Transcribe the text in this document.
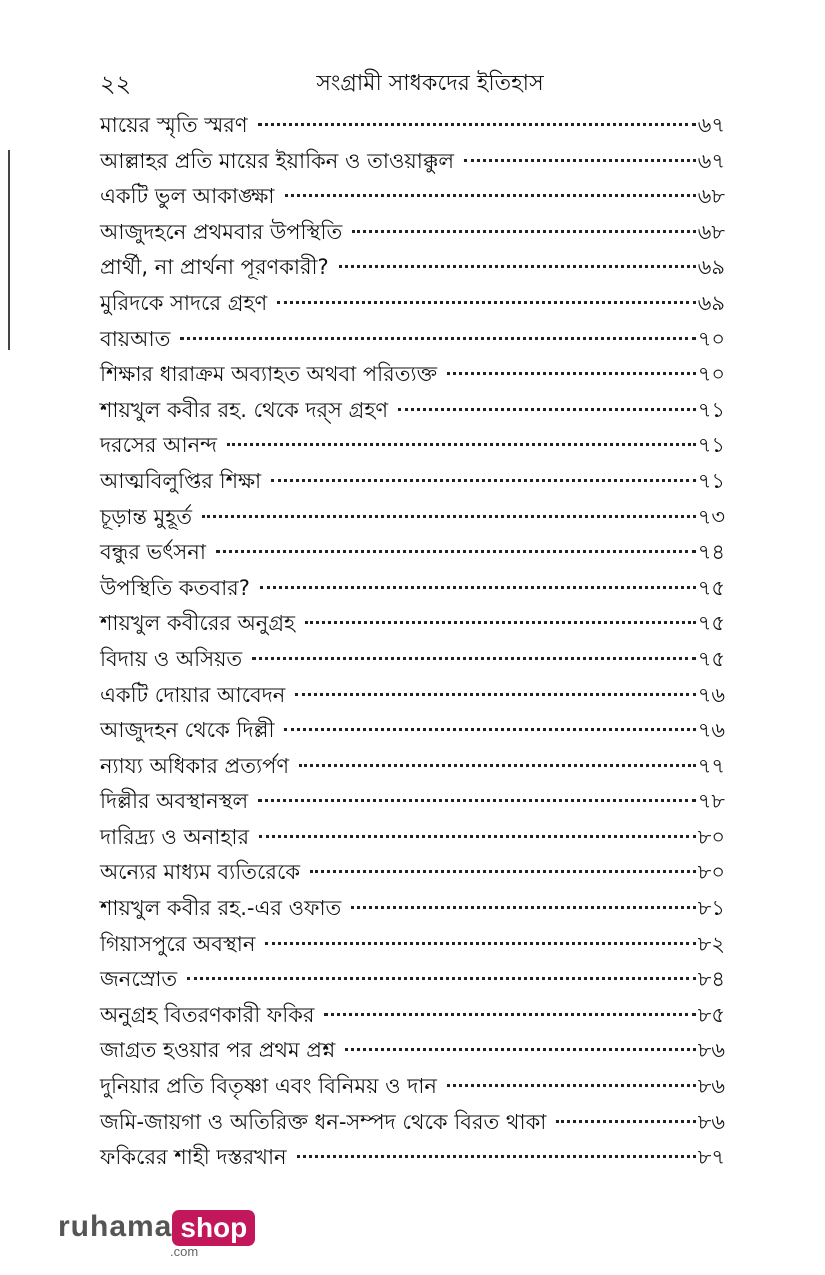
২২	সংগ্রামী সাধকদের ইতিহাস
মায়ের স্মৃতি স্মরণ	৬৭
আল্লাহর প্রতি মায়ের ইয়াকিন ও তাওয়াক্কুল	৬৭
একটি ভুল আকাঙ্ক্ষা	৬৮
আজুদহনে প্রথমবার উপস্থিতি	৬৮
প্রার্থী, না প্রার্থনা পূরণকারী?	৬৯
মুরিদকে সাদরে গ্রহণ	৬৯
বায়আত	৭০
শিক্ষার ধারাক্রম অব্যাহত অথবা পরিত্যক্ত	৭০
শায়খুল কবীর রহ. থেকে দর্‌স গ্রহণ	৭১
দরসের আনন্দ	৭১
আত্মবিলুপ্তির শিক্ষা	৭১
চূড়ান্ত মুহূর্ত	৭৩
বন্ধুর ভর্ৎসনা	৭৪
উপস্থিতি কতবার?	৭৫
শায়খুল কবীরের অনুগ্রহ	৭৫
বিদায় ও অসিয়ত	৭৫
একটি দোয়ার আবেদন	৭৬
আজুদহন থেকে দিল্লী	৭৬
ন্যায্য অধিকার প্রত্যর্পণ	৭৭
দিল্লীর অবস্থানস্থল	৭৮
দারিদ্র্য ও অনাহার	৮০
অন্যের মাধ্যম ব্যতিরেকে	৮০
শায়খুল কবীর রহ.-এর ওফাত	৮১
গিয়াসপুরে অবস্থান	৮২
জনস্রোত	৮৪
অনুগ্রহ বিতরণকারী ফকির	৮৫
জাগ্রত হওয়ার পর প্রথম প্রশ্ন	৮৬
দুনিয়ার প্রতি বিতৃষ্ণা এবং বিনিময় ও দান	৮৬
জমি-জায়গা ও অতিরিক্ত ধন-সম্পদ থেকে বিরত থাকা	৮৬
ফকিরের শাহী দস্তরখান	৮৭
ruhama shop
.com
